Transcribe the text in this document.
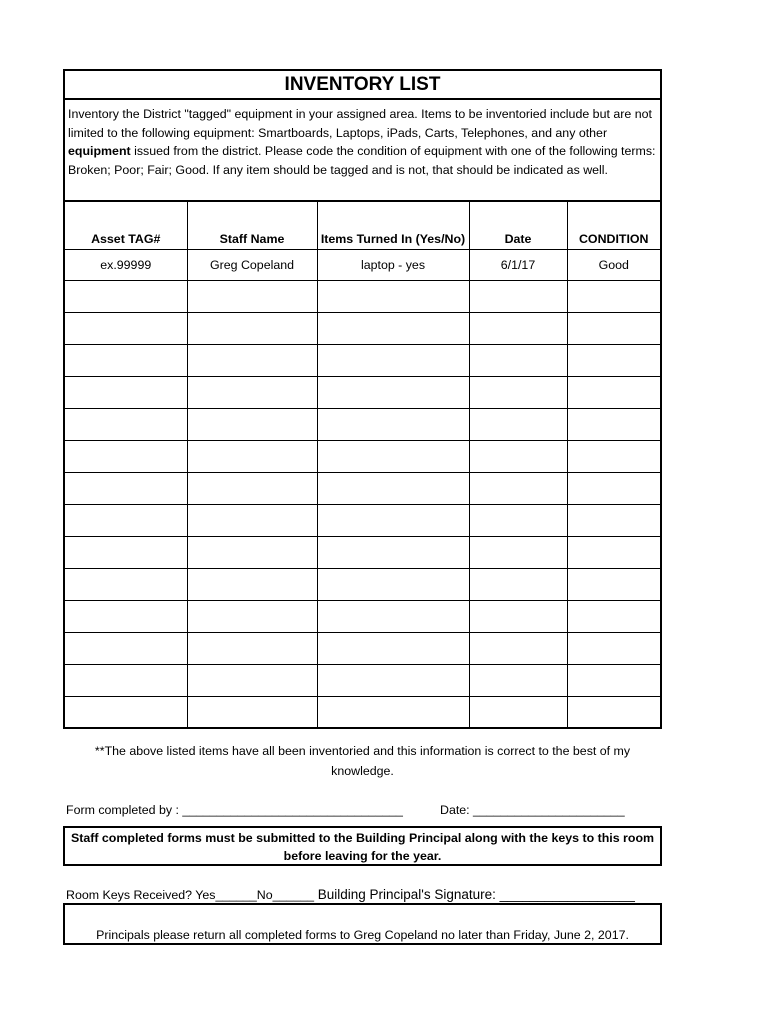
INVENTORY LIST
Inventory the District "tagged" equipment in your assigned area. Items to be inventoried include but are not limited to the following equipment: Smartboards, Laptops, iPads, Carts, Telephones, and any other equipment issued from the district. Please code the condition of equipment with one of the following terms: Broken; Poor; Fair; Good. If any item should be tagged and is not, that should be indicated as well.
Asset TAG#	Staff Name	Items Turned In (Yes/No)	Date	CONDITION
ex.99999	Greg Copeland	laptop - yes	6/1/17	Good

**The above listed items have all been inventoried and this information is correct to the best of my knowledge.
Form completed by : ________________________________	Date: ______________________
Staff completed forms must be submitted to the Building Principal along with the keys to this room before leaving for the year.
Room Keys Received? Yes______No______ Building Principal's Signature: __________________
Principals please return all completed forms to Greg Copeland no later than Friday, June 2, 2017.
